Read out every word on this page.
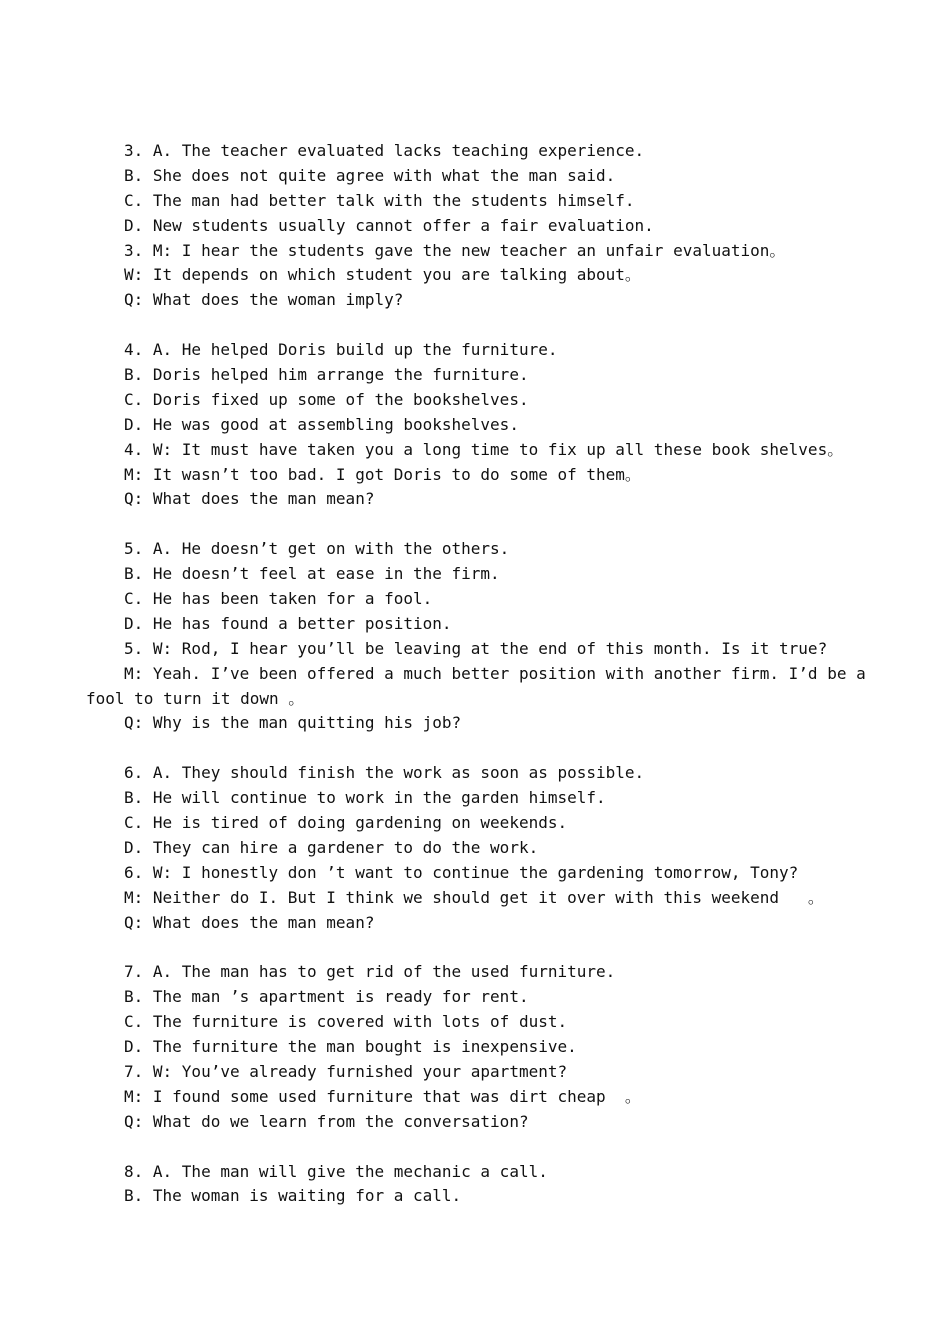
3. A. The teacher evaluated lacks teaching experience.
B. She does not quite agree with what the man said.
C. The man had better talk with the students himself.
D. New students usually cannot offer a fair evaluation.
3. M: I hear the students gave the new teacher an unfair evaluation。
W: It depends on which student you are talking about。
Q: What does the woman imply?
4. A. He helped Doris build up the furniture.
B. Doris helped him arrange the furniture.
C. Doris fixed up some of the bookshelves.
D. He was good at assembling bookshelves.
4. W: It must have taken you a long time to fix up all these book shelves。
M: It wasn’t too bad. I got Doris to do some of them。
Q: What does the man mean?
5. A. He doesn’t get on with the others.
B. He doesn’t feel at ease in the firm.
C. He has been taken for a fool.
D. He has found a better position.
5. W: Rod, I hear you’ll be leaving at the end of this month. Is it true?
M: Yeah. I’ve been offered a much better position with another firm. I’d be a
fool to turn it down 。
Q: Why is the man quitting his job?
6. A. They should finish the work as soon as possible.
B. He will continue to work in the garden himself.
C. He is tired of doing gardening on weekends.
D. They can hire a gardener to do the work.
6. W: I honestly don ’t want to continue the gardening tomorrow, Tony?
M: Neither do I. But I think we should get it over with this weekend   。
Q: What does the man mean?
7. A. The man has to get rid of the used furniture.
B. The man ’s apartment is ready for rent.
C. The furniture is covered with lots of dust.
D. The furniture the man bought is inexpensive.
7. W: You’ve already furnished your apartment?
M: I found some used furniture that was dirt cheap  。
Q: What do we learn from the conversation?
8. A. The man will give the mechanic a call.
B. The woman is waiting for a call.
